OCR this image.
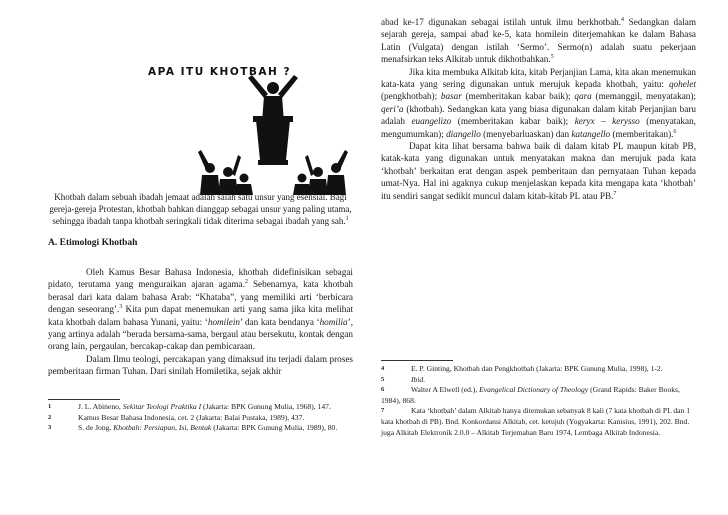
APA ITU KHOTBAH ?
Khotbah dalam sebuah ibadah jemaat adalah salah satu unsur yang esensial. Bagi gereja-gereja Protestan, khotbah bahkan dianggap sebagai unsur yang paling utama, sehingga ibadah tanpa khotbah seringkali tidak diterima sebagai ibadah yang sah.$^1$
A. Etimologi Khotbah

Oleh Kamus Besar Bahasa Indonesia, khotbah didefinisikan sebagai pidato, terutama yang menguraikan ajaran agama.$^2$ Sebenarnya, kata khotbah berasal dari kata dalam bahasa Arab: “Khataba”, yang memiliki arti ‘berbicara dengan seseorang’.$^3$ Kita pun dapat menemukan arti yang sama jika kita melihat kata khotbah dalam bahasa Yunani, yaitu: ‘homilein’ dan kata bendanya ‘homilia’, yang artinya adalah “berada bersama-sama, bergaul atau bersekutu, kontak dengan orang lain, pergaulan, bercakap-cakap dan pembicaraan.

Dalam Ilmu teologi, percakapan yang dimaksud itu terjadi dalam proses pemberitaan firman Tuhan. Dari sinilah Homiletika, sejak akhir

1	J. L. Abineno, Sekitar Teologi Praktika I (Jakarta: BPK Gunung Mulia, 1968), 147.

2	Kamus Besar Bahasa Indonesia, cet. 2 (Jakarta: Balai Pustaka, 1989), 437.

3	S. de Jong, Khotbah: Persiapan, Isi, Bentuk (Jakarta: BPK Gunung Mulia, 1989), 80.

abad ke-17 digunakan sebagai istilah untuk ilmu berkhotbah.$^4$ Sedangkan dalam sejarah gereja, sampai abad ke-5, kata homilein diterjemahkan ke dalam Bahasa Latin (Vulgata) dengan istilah ‘Sermo’. Sermo(n) adalah suatu pekerjaan menafsirkan teks Alkitab untuk dikhotbahkan.$^5$

Jika kita membuka Alkitab kita, kitab Perjanjian Lama, kita akan menemukan kata-kata yang sering digunakan untuk merujuk kepada khotbah, yaitu: qohelet (pengkhotbah); basar (memberitakan kabar baik); qara (memanggil, menyatakan); qeri’a (khotbah). Sedangkan kata yang biasa digunakan dalam kitab Perjanjian baru adalah euangelizo (memberitakan kabar baik); keryx – kerysso (menyatakan, mengumumkan); diangello (menyebarluaskan) dan katangello (memberitakan).$^6$

Dapat kita lihat bersama bahwa baik di dalam kitab PL maupun kitab PB, katak-kata yang digunakan untuk menyatakan makna dan merujuk pada kata ‘khotbah’ berkaitan erat dengan aspek pemberitaan dan pernyataan Tuhan kepada umat-Nya. Hal ini agaknya cukup menjelaskan kepada kita mengapa kata ‘khotbah’ itu sendiri sangat sedikit muncul dalam kitab-kitab PL atau PB.$^7$

4	E. P. Ginting, Khotbah dan Pengkhotbah (Jakarta: BPK Gunung Mulia, 1998), 1-2.

5	Ibid.

6	Walter A Elwell (ed.), Evangelical Dictionary of Theology (Grand Rapids: Baker Books, 1984), 868.

7	Kata ‘khotbah’ dalam Alkitab hanya ditemukan sebanyak 8 kali (7 kata khotbah di PL dan 1 kata khotbah di PB). Bnd. Konkordansi Alkitab, cet. ketujuh (Yogyakarta: Kanisius, 1991), 202. Bnd. juga Alkitab Elektronik 2.0.0 – Alkitab Terjemahan Baru 1974, Lembaga Alkitab Indonesia.
